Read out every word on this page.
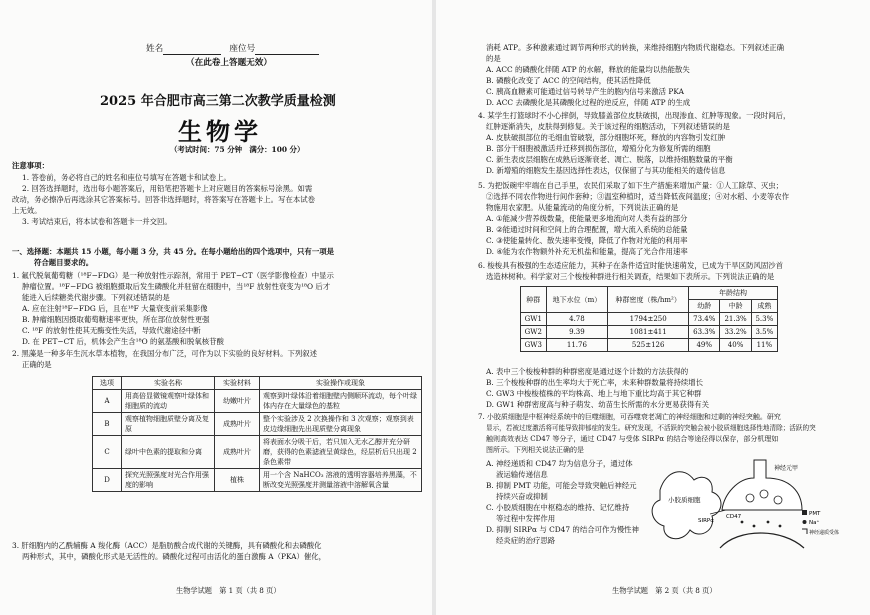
姓名	座位号
（在此卷上答题无效）
2025 年合肥市高三第二次教学质量检测
生物学
（考试时间：75 分钟　满分：100 分）
注意事项：
1. 答卷前，务必将自己的姓名和座位号填写在答题卡和试卷上。
2. 回答选择题时，选出每小题答案后，用铅笔把答题卡上对应题目的答案标号涂黑。如需
改动，务必擦净后再选涂其它答案标号。回答非选择题时，将答案写在答题卡上。写在本试卷
上无效。
3. 考试结束后，将本试卷和答题卡一并交回。
一、选择题：本题共 15 小题，每小题 3 分，共 45 分。在每小题给出的四个选项中，只有一项是
符合题目要求的。
1. 氟代脱氧葡萄糖（¹⁸F−FDG）是一种放射性示踪剂，常用于 PET−CT（医学影像检查）中显示
肿瘤位置。¹⁸F−FDG 被细胞摄取后发生磷酸化并驻留在细胞中，当¹⁸F 放射性衰变为¹⁸O 后才
能进入后续糖类代谢步骤。下列叙述错误的是
A. 应在注射¹⁸F−FDG 后，且在¹⁸F 大量衰变前采集影像
B. 肿瘤细胞因摄取葡萄糖速率更快，所在部位放射性更强
C. ¹⁸F 的放射性使其无酶变性失活，导致代谢途径中断
D. 在 PET−CT 后，机体会产生含¹⁸O 的氨基酸和脱氧核苷酸
2. 黑藻是一种多年生沉水草本植物，在我国分布广泛，可作为以下实验的良好材料。下列叙述
正确的是
选项	实验名称	实验材料	实验操作或现象
A	用高倍显微镜观察叶绿体和细胞质的流动	幼嫩叶片	观察到叶绿体沿着细胞壁内侧顺环流动，每个叶绿体内存在大量绿色的基粒
B	观察植物细胞质壁分离及复原	成熟叶片	整个实验涉及 2 次换操作和 3 次观察；观察到表皮边缘细胞先出现质壁分离现象
C	绿叶中色素的提取和分离	成熟叶片	将表面水分吸干后，若只加入无水乙醇并充分研磨，获得的色素滤液呈黄绿色，经层析后只出现 2 条色素带
D	探究光照强度对光合作用强度的影响	植株	用一个含 NaHCO₃ 溶液的透明容器培养黑藻，不断改变光照强度并测量溶液中溶解氧含量
3. 肝细胞内的乙酰辅酶 A 羧化酶（ACC）是脂肪酸合成代谢的关键酶，具有磷酸化和去磷酸化
两种形式，其中，磷酸化形式是无活性的。磷酸化过程可由活化的蛋白激酶 A（PKA）催化，
生物学试题　第 1 页（共 8 页）
消耗 ATP。多种激素通过调节两种形式的转换，来维持细胞内物质代谢稳态。下列叙述正确
的是
A. ACC 的磷酸化伴随 ATP 的水解，释放的能量均以热能散失
B. 磷酸化改变了 ACC 的空间结构，使其活性降低
C. 胰高血糖素可能通过信号转导产生的胞内信号来激活 PKA
D. ACC 去磷酸化是其磷酸化过程的逆反应，伴随 ATP 的生成
4. 某学生打篮球时不小心摔倒，导致膝盖部位皮肤破损，出现渗血、红肿等现象。一段时间后，
红肿逐渐消失，皮肤得到修复。关于该过程的细胞活动，下列叙述错误的是
A. 皮肤破损部位的毛细血管破裂，部分细胞坏死，释放的内容物引发红肿
B. 部分干细胞被激活并迁移到损伤部位，增殖分化为修复所需的细胞
C. 新生表皮层细胞在成熟后逐渐衰老、凋亡、脱落，以维持细胞数量的平衡
D. 新增殖的细胞发生基因选择性表达，仅保留了与其功能相关的遗传信息
5. 为把饭碗牢牢端在自己手里，农民们采取了如下生产措施来增加产量：①人工除草、灭虫；
②选择不同农作物进行间作套种；③温室种植时，适当降低夜间温度；④对水稻、小麦等农作
物施用农家肥。从能量流动的角度分析，下列说法正确的是
A. ①能减少营养级数量，使能量更多地流向对人类有益的部分
B. ②能通过时间和空间上的合理配置，增大流入系统的总能量
C. ③使能量转化、散失速率变慢，降低了作物对光能的利用率
D. ④能为农作物额外补充无机盐和能量，提高了光合作用速率
6. 梭梭具有极强的生态适应能力，其种子在条件适宜时能快速萌发，已成为干旱区防风固沙首
选造林树种。科学家对三个梭梭种群进行相关调查，结果如下表所示。下列说法正确的是
种群	地下水位（m）	种群密度（株/hm²）	年龄结构		
			幼龄	中龄	成熟
GW1	4.78	1794±250	73.4%	21.3%	5.3%
GW2	9.39	1081±411	63.3%	33.2%	3.5%
GW3	11.76	525±126	49%	40%	11%
A. 表中三个梭梭种群的种群密度是通过逐个计数的方法获得的
B. 三个梭梭种群的出生率均大于死亡率，未来种群数量将持续增长
C. GW3 中梭梭植株的平均株高、地上与地下重比均高于其它种群
D. GW1 种群密度高与种子萌发、幼苗生长所需的水分更易获得有关
7. 小胶质细胞是中枢神经系统中的巨噬细胞，可吞噬衰老凋亡的神经细胞和过剩的神经突触。研究
显示，若被过度激活将可能导致抑郁症的发生。研究发现，不活跃的突触会被小胶质细胞选择性地清除；活跃的突
触则高效表达 CD47 等分子，通过 CD47 与受体 SIRPα 的结合等途径得以保存，部分机理如
图所示。下列相关说法正确的是
A. 神经递质和 CD47 均为信息分子，通过体
液运输传递信息
B. 抑制 PMT 功能，可能会导致突触后神经元
持续兴奋或抑制
C. 小胶质细胞在中枢稳态的维持、记忆维持
等过程中发挥作用
D. 抑制 SIRPα 与 CD47 的结合可作为慢性神
经炎症的治疗思路
生物学试题　第 2 页（共 8 页）
小胶质细胞
神经元甲
SIRPα
CD47	PMT
Na⁺
神经递质受体
